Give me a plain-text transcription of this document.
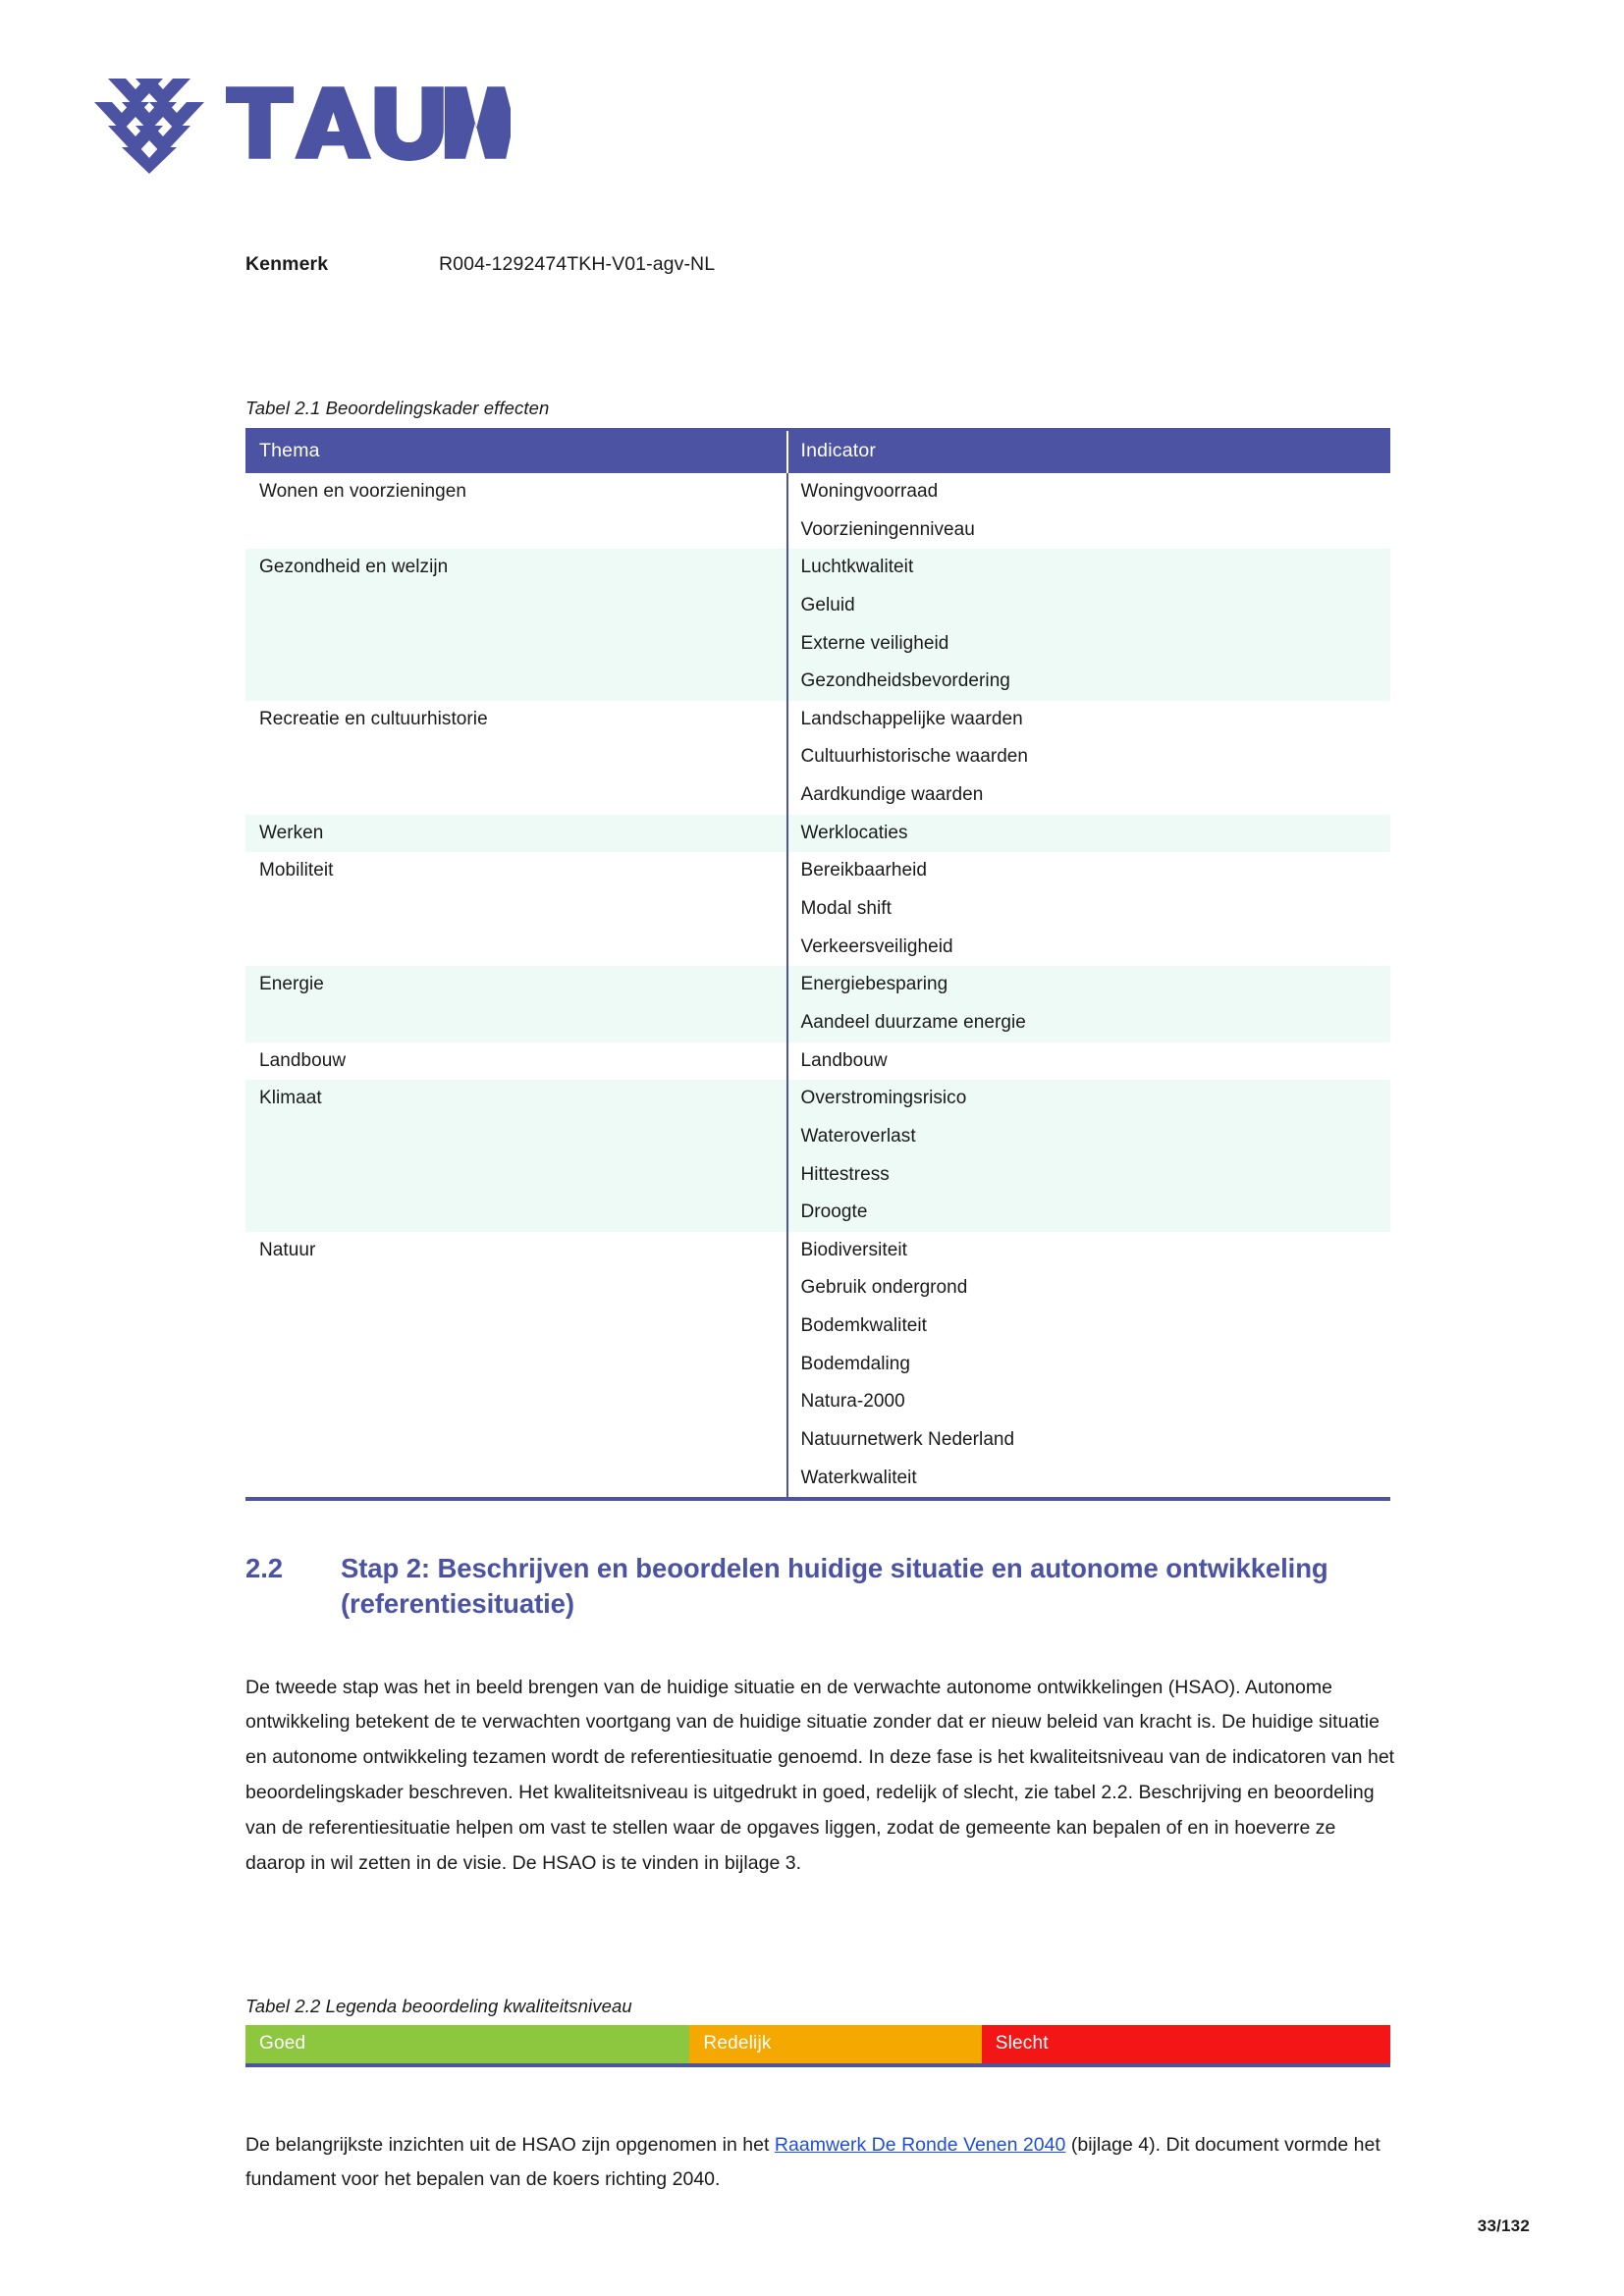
Kenmerk	R004-1292474TKH-V01-agv-NL
Tabel 2.1 Beoordelingskader effecten
Thema	Indicator
Wonen en voorzieningen	Woningvoorraad
	Voorzieningenniveau
Gezondheid en welzijn	Luchtkwaliteit
	Geluid
	Externe veiligheid
	Gezondheidsbevordering
Recreatie en cultuurhistorie	Landschappelijke waarden
	Cultuurhistorische waarden
	Aardkundige waarden
Werken	Werklocaties
Mobiliteit	Bereikbaarheid
	Modal shift
	Verkeersveiligheid
Energie	Energiebesparing
	Aandeel duurzame energie
Landbouw	Landbouw
Klimaat	Overstromingsrisico
	Wateroverlast
	Hittestress
	Droogte
Natuur	Biodiversiteit
	Gebruik ondergrond
	Bodemkwaliteit
	Bodemdaling
	Natura-2000
	Natuurnetwerk Nederland
	Waterkwaliteit
2.2	Stap 2: Beschrijven en beoordelen huidige situatie en autonome ontwikkeling (referentiesituatie)

De tweede stap was het in beeld brengen van de huidige situatie en de verwachte autonome ontwikkelingen (HSAO). Autonome ontwikkeling betekent de te verwachten voortgang van de huidige situatie zonder dat er nieuw beleid van kracht is. De huidige situatie en autonome ontwikkeling tezamen wordt de referentiesituatie genoemd. In deze fase is het kwaliteitsniveau van de indicatoren van het beoordelingskader beschreven. Het kwaliteitsniveau is uitgedrukt in goed, redelijk of slecht, zie tabel 2.2. Beschrijving en beoordeling van de referentiesituatie helpen om vast te stellen waar de opgaves liggen, zodat de gemeente kan bepalen of en in hoeverre ze daarop in wil zetten in de visie. De HSAO is te vinden in bijlage 3.

Tabel 2.2 Legenda beoordeling kwaliteitsniveau
Goed	Redelijk	Slecht

De belangrijkste inzichten uit de HSAO zijn opgenomen in het Raamwerk De Ronde Venen 2040 (bijlage 4). Dit document vormde het fundament voor het bepalen van de koers richting 2040.

33/132
